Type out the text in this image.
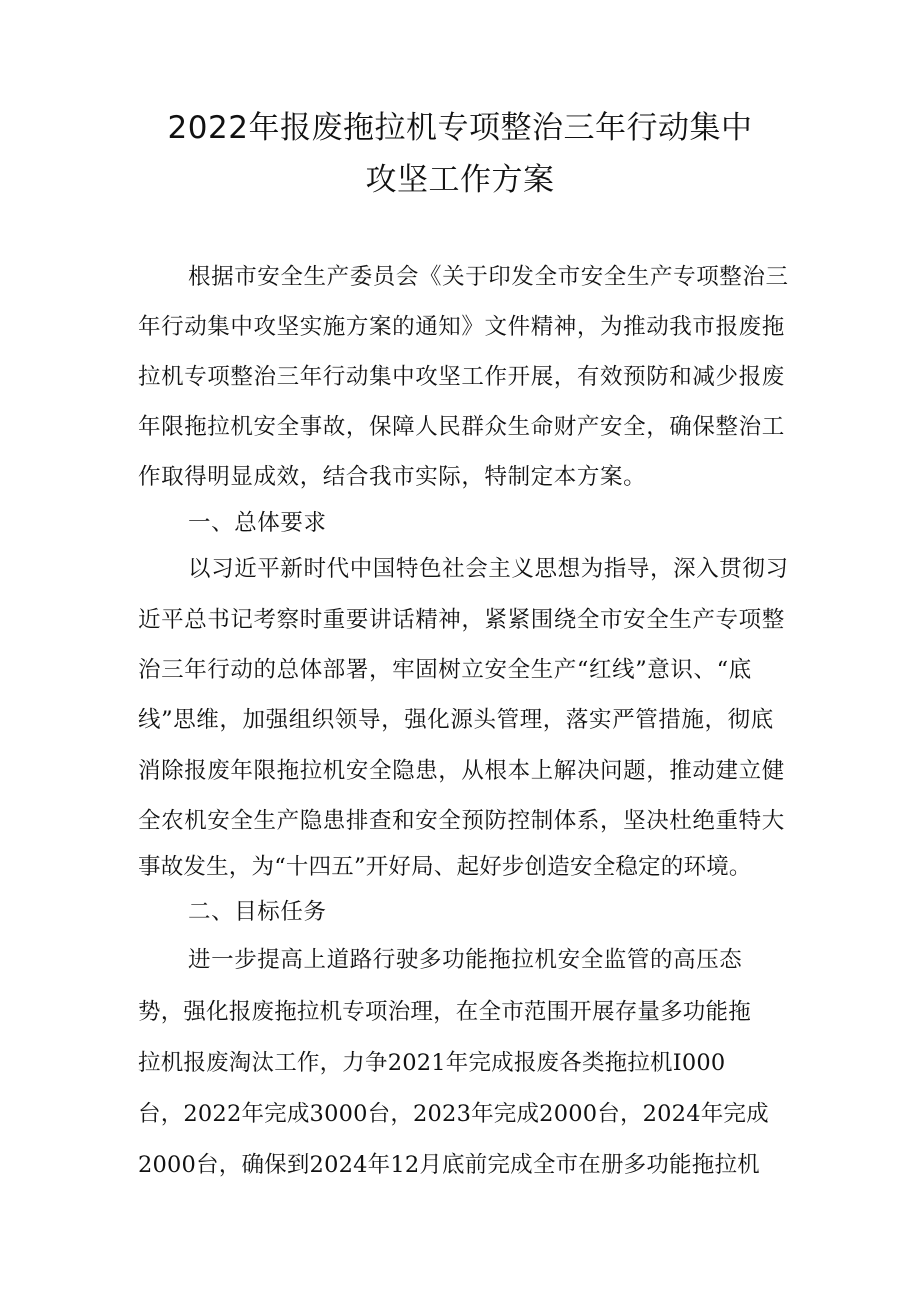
2022年报废拖拉机专项整治三年行动集中
攻坚工作方案
根据市安全生产委员会《关于印发全市安全生产专项整治三
年行动集中攻坚实施方案的通知》文件精神，为推动我市报废拖
拉机专项整治三年行动集中攻坚工作开展，有效预防和减少报废
年限拖拉机安全事故，保障人民群众生命财产安全，确保整治工
作取得明显成效，结合我市实际，特制定本方案。
一、总体要求
以习近平新时代中国特色社会主义思想为指导，深入贯彻习
近平总书记考察时重要讲话精神，紧紧围绕全市安全生产专项整
治三年行动的总体部署，牢固树立安全生产“红线”意识、“底
线”思维，加强组织领导，强化源头管理，落实严管措施，彻底
消除报废年限拖拉机安全隐患，从根本上解决问题，推动建立健
全农机安全生产隐患排查和安全预防控制体系，坚决杜绝重特大
事故发生，为“十四五”开好局、起好步创造安全稳定的环境。
二、目标任务
进一步提高上道路行驶多功能拖拉机安全监管的高压态
势，强化报废拖拉机专项治理，在全市范围开展存量多功能拖
拉机报废淘汰工作，力争2021年完成报废各类拖拉机I000
台，2022年完成3000台，2023年完成2000台，2024年完成
2000台，确保到2024年12月底前完成全市在册多功能拖拉机
